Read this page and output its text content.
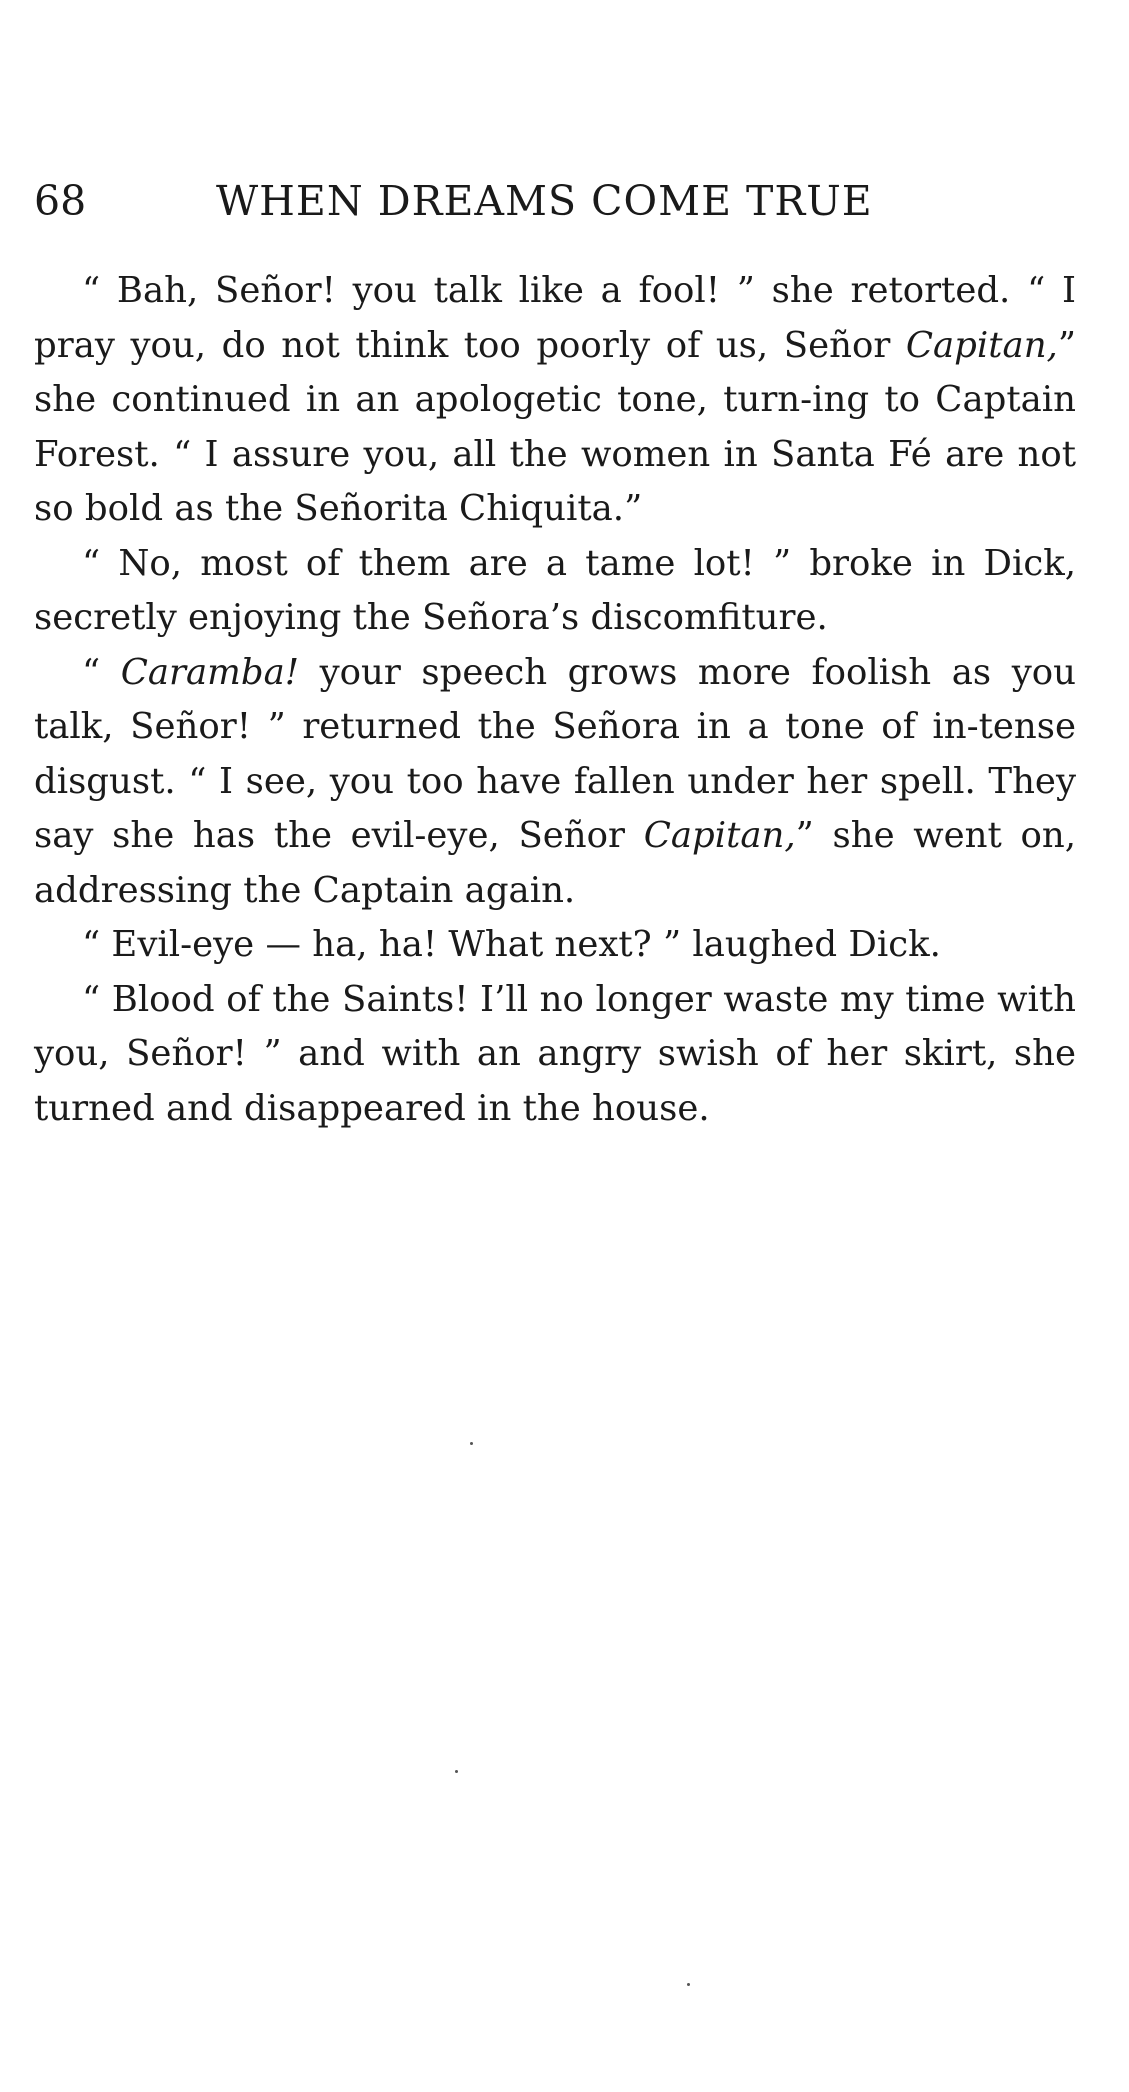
68	WHEN DREAMS COME TRUE

“ Bah, Señor! you talk like a fool! ” she retorted. “ I pray you, do not think too poorly of us, Señor Capitan,” she continued in an apologetic tone, turn-ing to Captain Forest. “ I assure you, all the women in Santa Fé are not so bold as the Señorita Chiquita.”

“ No, most of them are a tame lot! ” broke in Dick, secretly enjoying the Señora’s discomfiture.

“ Caramba! your speech grows more foolish as you talk, Señor! ” returned the Señora in a tone of in-tense disgust. “ I see, you too have fallen under her spell. They say she has the evil-eye, Señor Capitan,” she went on, addressing the Captain again.

“ Evil-eye — ha, ha! What next? ” laughed Dick.

“ Blood of the Saints! I’ll no longer waste my time with you, Señor! ” and with an angry swish of her skirt, she turned and disappeared in the house.
